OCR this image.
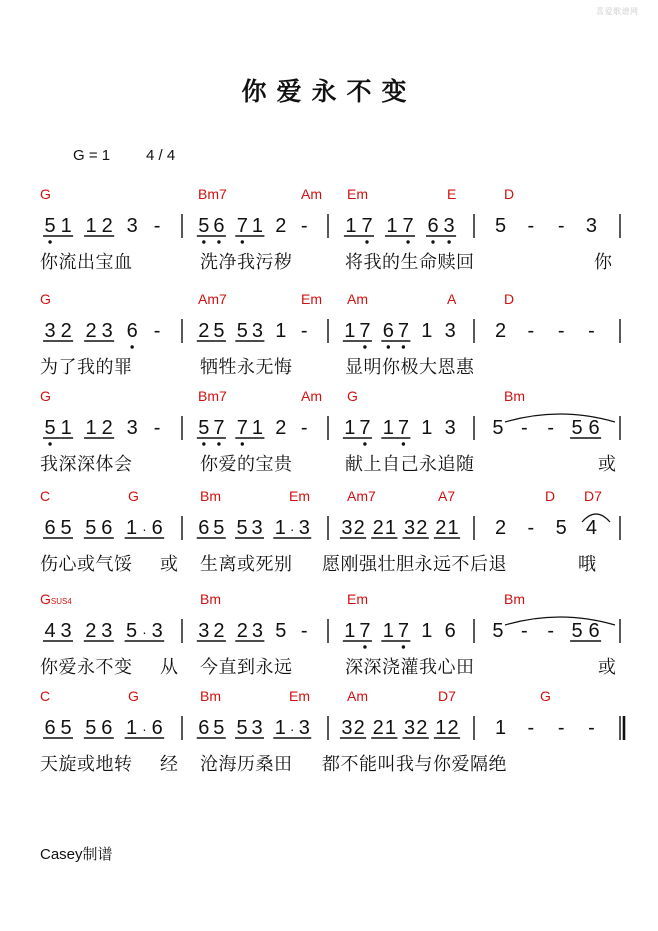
喜爱歌谱网
你爱永不变
G = 1 4 / 4
G	Bm7	Am Em	E	D
G	Am7	Em Am	A	D
G	Bm7	Am G	Bm
C	G	Bm	Em	Am7	A7	D D7
GSUS4	Bm	Em	Bm
C	G	Bm	Em	Am	D7	G
你流出宝血	洗净我污秽	将我的生命赎回	你
为了我的罪	牺牲永无悔	显明你极大恩惠
我深深体会	你爱的宝贵	献上自己永追随	或
伤心或气馁 或 生离或死别 愿刚强壮胆永远不后退	哦
你爱永不变 从 今直到永远	深深浇灌我心田	或
天旋或地转 经 沧海历桑田 都不能叫我与你爱隔绝
5 1 1 2 3 - 5 6 7 1 2 - 1 7 1 7 6 3 5 - - 3
3 2 2 3 6 - 2 5 5 3 1 - 1 7 6 7 1 3 2 - - -
5 1 1 2 3 - 5 7 7 1 2 - 1 7 1 7 1 3 5 - - 5 6
6 5 5 6 1 · 6 6 5 5 3 1 · 3 3 2 2 1 3 2 2 1 2 - 5 4
4 3 2 3 5 · 3 3 2 2 3 5 - 1 7 1 7 1 6 5 - - 5 6
6 5 5 6 1 · 6 6 5 5 3 1 · 3 3 2 2 1 3 2 1 2 1 - - -
Casey制谱
